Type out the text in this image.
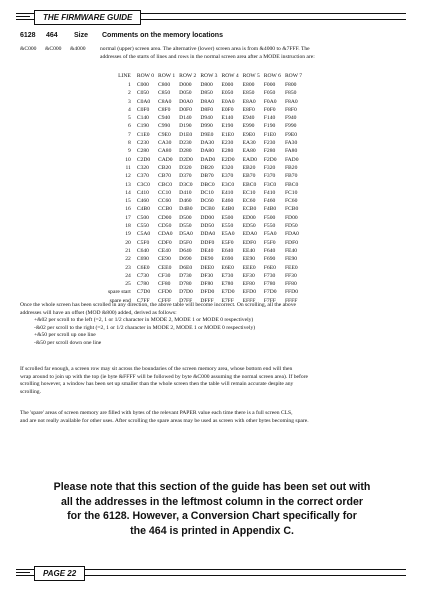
THE FIRMWARE GUIDE
6128 464 Size Comments on the memory locations
&C000 &C000 &4000	normal (upper) screen area. The alternative (lower) screen area is from &4000 to &7FFF. The
addresses of the starts of lines and rows in the normal screen area after a MODE instruction are:
LINE	ROW 0	ROW 1	ROW 2	ROW 3	ROW 4	ROW 5	ROW 6	ROW 7
1	C000	C800	D000	D800	E000	E800	F000	F800
2	C050	C850	D050	D850	E050	E850	F050	F850
3	C0A0	C8A0	D0A0	D8A0	E0A0	E8A0	F0A0	F8A0
4	C0F0	C8F0	D0F0	D8F0	E0F0	E8F0	F0F0	F8F0
5	C140	C940	D140	D940	E140	E940	F140	F940
6	C190	C990	D190	D990	E190	E990	F190	F990
7	C1E0	C9E0	D1E0	D9E0	E1E0	E9E0	F1E0	F9E0
8	C230	CA30	D230	DA30	E230	EA30	F230	FA30
9	C280	CA80	D280	DA80	E280	EA80	F280	FA80
10	C2D0	CAD0	D2D0	DAD0	E2D0	EAD0	F2D0	FAD0
11	C320	CB20	D320	DB20	E320	EB20	F320	FB20
12	C370	CB70	D370	DB70	E370	EB70	F370	FB70
13	C3C0	CBC0	D3C0	DBC0	E3C0	EBC0	F3C0	FBC0
14	C410	CC10	D410	DC10	E410	EC10	F410	FC10
15	C460	CC60	D460	DC60	E460	EC60	F460	FC60
16	C4B0	CCB0	D4B0	DCB0	E4B0	ECB0	F4B0	FCB0
17	C500	CD00	D500	DD00	E500	ED00	F500	FD00
18	C550	CD50	D550	DD50	E550	ED50	F550	FD50
19	C5A0	CDA0	D5A0	DDA0	E5A0	EDA0	F5A0	FDA0
20	C5F0	CDF0	D5F0	DDF0	E5F0	EDF0	F5F0	FDF0
21	C640	CE40	D640	DE40	E640	EE40	F640	FE40
22	C690	CE90	D690	DE90	E690	EE90	F690	FE90
23	C6E0	CEE0	D6E0	DEE0	E6E0	EEE0	F6E0	FEE0
24	C730	CF30	D730	DF30	E730	EF30	F730	FF30
25	C780	CF80	D780	DF80	E780	EF80	F780	FF80
spare start	C7D0	CFD0	D7D0	DFD0	E7D0	EFD0	F7D0	FFD0
spare end	C7FF	CFFF	D7FF	DFFF	E7FF	EFFF	F7FF	FFFF
Once the whole screen has been scrolled in any direction, the above table will become incorrect. On scrolling, all the above
addresses will have an offset (MOD &800) added, derived as follows:
+&02 per scroll to the left (=2, 1 or 1/2 character in MODE 2, MODE 1 or MODE 0 respectively)
-&02 per scroll to the right (=2, 1 or 1/2 character in MODE 2, MODE 1 or MODE 0 respectively)
+&50 per scroll up one line
-&50 per scroll down one line
If scrolled far enough, a screen row may sit across the boundaries of the screen memory area, whose bottom end will then
wrap around to join up with the top (ie byte &FFFF will be followed by byte &C000 assuming the normal screen area). If before
scrolling however, a window has been set up smaller than the whole screen then the table will remain accurate despite any
scrolling.
The 'spare' areas of screen memory are filled with bytes of the relevant PAPER value each time there is a full screen CLS,
and are not really available for other uses. After scrolling the spare areas may be used as screen with other bytes becoming spare.
Please note that this section of the guide has been set out with
all the addresses in the leftmost column in the correct order
for the 6128. However, a Conversion Chart specifically for
the 464 is printed in Appendix C.
PAGE 22
